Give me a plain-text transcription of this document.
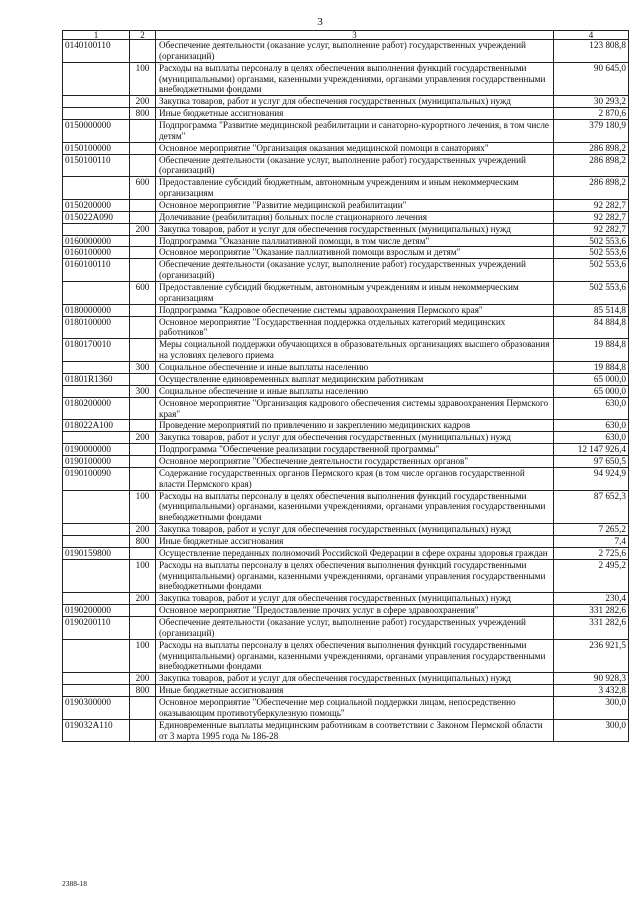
3
1	2	3	4
0140100110		Обеспечение деятельности (оказание услуг, выполнение работ) государственных учреждений (организаций)	123 808,8
	100	Расходы на выплаты персоналу в целях обеспечения выполнения функций государственными (муниципальными) органами, казенными учреждениями, органами управления государственными внебюджетными фондами	90 645,0
	200	Закупка товаров, работ и услуг для обеспечения государственных (муниципальных) нужд	30 293,2
	800	Иные бюджетные ассигнования	2 870,6
0150000000		Подпрограмма "Развитие медицинской реабилитации и санаторно-курортного лечения, в том числе детям"	379 180,9
0150100000		Основное мероприятие "Организация оказания медицинской помощи в санаториях"	286 898,2
0150100110		Обеспечение деятельности (оказание услуг, выполнение работ) государственных учреждений (организаций)	286 898,2
	600	Предоставление субсидий бюджетным, автономным учреждениям и иным некоммерческим организациям	286 898,2
0150200000		Основное мероприятие "Развитие медицинской реабилитации"	92 282,7
015022А090		Долечивание (реабилитация) больных после стационарного лечения	92 282,7
	200	Закупка товаров, работ и услуг для обеспечения государственных (муниципальных) нужд	92 282,7
0160000000		Подпрограмма "Оказание паллиативной помощи, в том числе детям"	502 553,6
0160100000		Основное мероприятие "Оказание паллиативной помощи взрослым и детям"	502 553,6
0160100110		Обеспечение деятельности (оказание услуг, выполнение работ) государственных учреждений (организаций)	502 553,6
	600	Предоставление субсидий бюджетным, автономным учреждениям и иным некоммерческим организациям	502 553,6
0180000000		Подпрограмма "Кадровое обеспечение системы здравоохранения Пермского края"	85 514,8
0180100000		Основное мероприятие "Государственная поддержка отдельных категорий медицинских работников"	84 884,8
0180170010		Меры социальной поддержки обучающихся в образовательных организациях высшего образования на условиях целевого приема	19 884,8
	300	Социальное обеспечение и иные выплаты населению	19 884,8
01801R1360		Осуществление единовременных выплат медицинским работникам	65 000,0
	300	Социальное обеспечение и иные выплаты населению	65 000,0
0180200000		Основное мероприятие "Организация кадрового обеспечения системы здравоохранения Пермского края"	630,0
018022А100		Проведение мероприятий по привлечению и закреплению медицинских кадров	630,0
	200	Закупка товаров, работ и услуг для обеспечения государственных (муниципальных) нужд	630,0
0190000000		Подпрограмма "Обеспечение реализации государственной программы"	12 147 926,4
0190100000		Основное мероприятие "Обеспечение деятельности государственных органов"	97 650,5
0190100090		Содержание государственных органов Пермского края (в том числе органов государственной власти Пермского края)	94 924,9
	100	Расходы на выплаты персоналу в целях обеспечения выполнения функций государственными (муниципальными) органами, казенными учреждениями, органами управления государственными внебюджетными фондами	87 652,3
	200	Закупка товаров, работ и услуг для обеспечения государственных (муниципальных) нужд	7 265,2
	800	Иные бюджетные ассигнования	7,4
0190159800		Осуществление переданных полномочий Российской Федерации в сфере охраны здоровья граждан	2 725,6
	100	Расходы на выплаты персоналу в целях обеспечения выполнения функций государственными (муниципальными) органами, казенными учреждениями, органами управления государственными внебюджетными фондами	2 495,2
	200	Закупка товаров, работ и услуг для обеспечения государственных (муниципальных) нужд	230,4
0190200000		Основное мероприятие "Предоставление прочих услуг в сфере здравоохранения"	331 282,6
0190200110		Обеспечение деятельности (оказание услуг, выполнение работ) государственных учреждений (организаций)	331 282,6
	100	Расходы на выплаты персоналу в целях обеспечения выполнения функций государственными (муниципальными) органами, казенными учреждениями, органами управления государственными внебюджетными фондами	236 921,5
	200	Закупка товаров, работ и услуг для обеспечения государственных (муниципальных) нужд	90 928,3
	800	Иные бюджетные ассигнования	3 432,8
0190300000		Основное мероприятие "Обеспечение мер социальной поддержки лицам, непосредственно оказывающим противотуберкулезную помощь"	300,0
019032А110		Единовременные выплаты медицинским работникам в соответствии с Законом Пермской области от 3 марта 1995 года № 186-28	300,0
2388-18
